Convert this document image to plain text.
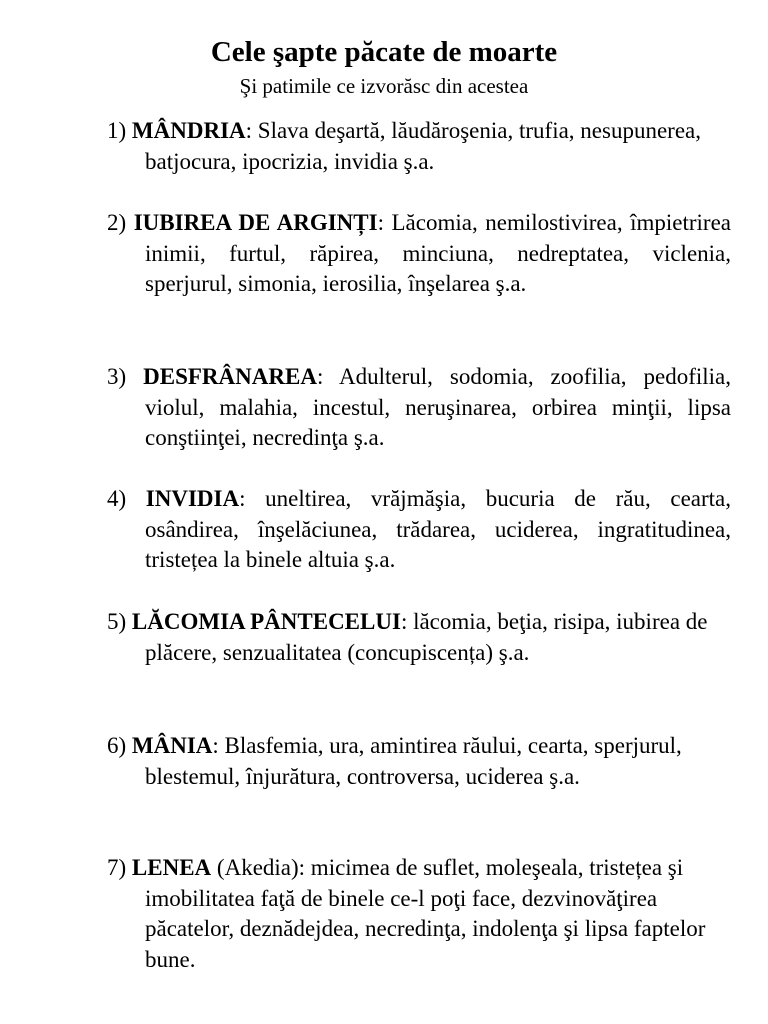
Cele şapte păcate de moarte

Şi patimile ce izvorăsc din acestea

1) MÂNDRIA: Slava deşartă, lăudăroşenia, trufia, nesupunerea, batjocura, ipocrizia, invidia ş.a.
2) IUBIREA DE ARGINȚI: Lăcomia, nemilostivirea, împietrirea inimii, furtul, răpirea, minciuna, nedreptatea, viclenia, sperjurul, simonia, ierosilia, înşelarea ş.a.
3) DESFRÂNAREA: Adulterul, sodomia, zoofilia, pedofilia, violul, malahia, incestul, neruşinarea, orbirea minţii, lipsa conştiinţei, necredinţa ş.a.
4) INVIDIA: uneltirea, vrăjmăşia, bucuria de rău, cearta, osândirea, înşelăciunea, trădarea, uciderea, ingratitudinea, tristețea la binele altuia ş.a.
5) LĂCOMIA PÂNTECELUI: lăcomia, beţia, risipa, iubirea de plăcere, senzualitatea (concupiscența) ş.a.
6) MÂNIA: Blasfemia, ura, amintirea răului, cearta, sperjurul, blestemul, înjurătura, controversa, uciderea ş.a.
7) LENEA (Akedia): micimea de suflet, moleşeala, tristețea şi imobilitatea faţă de binele ce-l poţi face, dezvinovăţirea păcatelor, deznădejdea, necredinţa, indolenţa şi lipsa faptelor bune.
